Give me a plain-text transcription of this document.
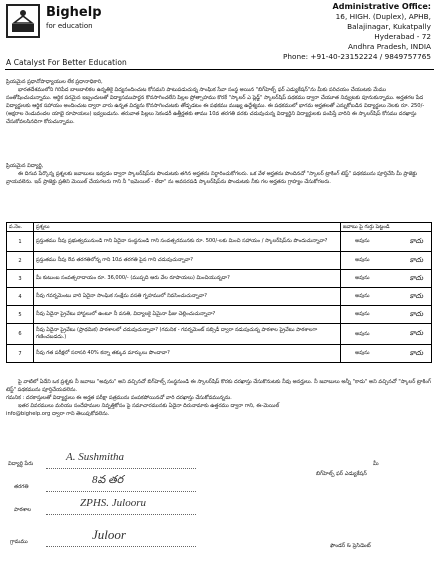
Bighelp
for education
A Catalyst For Better Education
Administrative Office:
16, HIGH. (Duplex), APHB,
Balajinagar, Kukatpally
Hyderabad - 72
Andhra Pradesh, INDIA
Phone: +91-40-23152224 / 9849757765

ప్రియమైన ప్రధానోపాధ్యాయుల లేక ప్రధానాధికారి,

భారతదేశములోని గిరిపేద బాలబాలికల ఉన్నతికై విద్యనందించుట కోసమని పాటుపడుచున్న సాంఘిక సేవా సంస్థ అయిన "బిగ్‌హెల్ప్ ఫర్ ఎడ్యుకేషన్"ను మీకు పరిచయం చేయుటకు మేము సంతోషించుచున్నాము. ఆర్థిక పరమైన ఇబ్బందులతో విద్యాసముపార్జన కొనసాగించలేని పిల్లల ప్రోత్సాహము కొరకే "స్కాలర్ ఎ ప్లెడ్జ్" స్కాలర్‌షిప్ పథకము ద్వారా చేయూత నివ్వుటకు పూనుకున్నాము. అర్హతగల పేద విద్యార్థులకు ఆర్థిక సహాయం అందించుట ద్వారా వారు ఉన్నత విద్యను కొనసాగించుటకు తోడ్పడటం ఈ పథకము ముఖ్య ఉద్దేశ్యము. ఈ పథకములో భాగమ అర్హతలతో ఎన్నుకోబడిన విద్యార్థులు నెలకు రూ. 250/- (అక్షరాల రెండువందల యాభై రూపాయలు) ఇవ్వబడును. తరువాత పిల్లలు సెకండరీ ఉత్తీర్ణతకు తాము 10వ తరగతి వరకు చదువుచున్న విద్యార్థిని విద్యార్థులకు పంపిస్తే వారిని ఈ స్కాలర్‌షిప్ కోసము దరఖాస్తు చేసుకోవలసినదిగా కోరుచున్నాము.

ప్రియమైన విద్యార్థి,

ఈ దిగువ పేర్కొన్న ప్రశ్నలకు జవాబులు ఇవ్వడం ద్వారా స్కాలర్‌షిప్‌ను పొందుటకు తగిన అర్హతను నిర్ధారించుకోగలరు. ఒక వేళ అర్హతను పొందినచో "స్కాలర్ ట్రాకింగ్ టెస్ట్" పథకమును పూర్తిచేసి మీ ప్రాజెక్టు వ్రాయవలెను. ఇన్ ప్రాజెక్టు ప్రతిని మెయిల్ చేయగలరు గాని నీ "ఇమెయిల్ - లేదా" ను అవసరపడి స్కాలర్‌షిప్‌ను పొందుటకు నీకు గల అర్హతను గ్రాహ్యం చేసుకోగలరు.

వ.నెం.	ప్రశ్నలు	జవాబు పై గుర్తు పెట్టండి
1	ప్రస్తుతము నీవు ప్రభుత్వమునుండి గాని ఏదైనా సంస్థనుండి గాని సంవత్సరమునకు రూ. 500/-లకు మించి సహాయం / స్కాలర్‌షిప్‌ను పొందుచున్నావా?	అవును కాదు

2	ప్రస్తుతము నీవు 8వ తరగతిలోన్న గాని 10వ తరగతి పైన గాని చదువుచున్నావా?	అవును కాదు

3	మీ కుటుంబ సంవత్సరాదాయం రూ. 36,000/- (ముప్పది ఆరు వేల రూపాయలు) మించియున్నదా?	అవును కాదు

4	నీవు గవర్నమెంటు వారి ఏదైనా సాంఘిక సంక్షేమ వసతి గృహములో నివసించుచున్నావా?	అవును కాదు

5	నీవు ఏదైనా ప్రైవేటు హాస్టలులో ఉంటూ నీ వసతి, విద్యాలకై ఏమైనా ఫీజు చెల్లించుచున్నావా?	అవును కాదు

6	నీవు ఏదైనా ప్రైవేటు (ప్రాథమిక) పాఠశాలలో చదువుచున్నావా? (గమనిక - గవర్నమెంట్ సబ్సిడీ ద్వారా నడుపుచున్న పాఠశాల ప్రైవేటు పాఠశాలగా గణించబడదు.)	అవును కాదు

7	నీవు గత పరీక్షలో సరాసరి 40% కన్నా తక్కువ మార్కులు పొందావా?	అవును కాదు

పై వాటిలో ఏదేని ఒక ప్రశ్నకు నీ జవాబు "అవును" అని వచ్చినచో బిగ్‌హెల్ప్ సంస్థనుండి ఈ స్కాలర్‌షిప్ కొరకు దరఖాస్తు చేసుకొనుటకు నీవు అనర్హులు. నీ జవాబులు అన్నీ "కాదు" అని వచ్చినచో "స్కాలర్ ట్రాకింగ్ టెస్ట్" పథకమును పూర్తిచేయవలెను.

గమనిక : దరకాస్తులతో విద్యార్థులు ఈ అర్హత పరీక్షా పత్రమును పంపకపోయినచో వారి దరఖాస్తు చేసుకోవమున్నను.

ఇతర వివరములు మరియు సందేహముల నివృత్తికోసం పై సమాచారమునకు ఏదైనా దిరునామాకు ఉత్తరము ద్వారా గాని, ఈ-మెయిల్

info@bighelp.org ద్వారా గాని తెలుపుకోవలెను.

విద్యార్థి పేరు
A. Sushmitha
తరగతి
8వ తర
పాఠశాల
ZPHS. Julooru
గ్రామము	Juloor
మీ
బిగ్‌హెల్ప్ ఫర్ ఎడ్యుకేషన్
ఫౌండర్ & ప్రెసిడెంట్
